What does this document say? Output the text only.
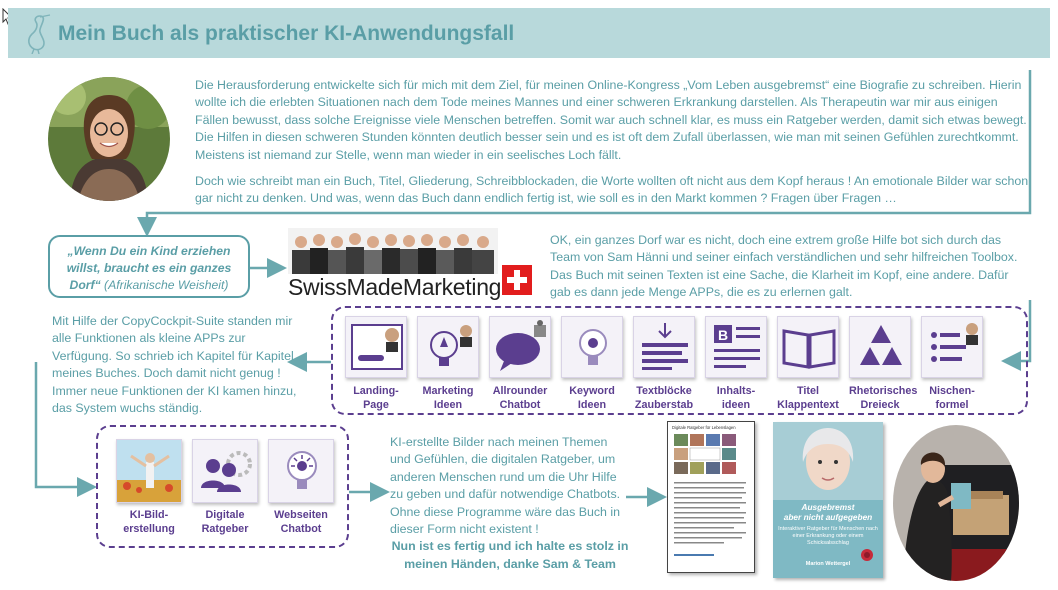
Mein Buch als praktischer KI-Anwendungsfall

Die Herausforderung entwickelte sich für mich mit dem Ziel, für meinen Online-Kongress „Vom Leben ausgebremst“ eine Biografie zu schreiben. Hierin wollte ich die erlebten Situationen nach dem Tode meines Mannes und einer schweren Erkrankung darstellen. Als Therapeutin war mir aus einigen Fällen bewusst, dass solche Ereignisse viele Menschen betreffen. Somit war auch schnell klar, es muss ein Ratgeber werden, damit sich etwas bewegt. Die Hilfen in diesen schweren Stunden könnten deutlich besser sein und es ist oft dem Zufall überlassen, wie man mit seinen Gefühlen zurechtkommt. Meistens ist niemand zur Stelle, wenn man wieder in ein seelisches Loch fällt.

Doch wie schreibt man ein Buch, Titel, Gliederung, Schreibblockaden, die Worte wollten oft nicht aus dem Kopf heraus ! An emotionale Bilder war schon gar nicht zu denken. Und was, wenn das Buch dann endlich fertig ist, wie soll es in den Markt kommen ? Fragen über Fragen …

„Wenn Du ein Kind erziehen willst, braucht es ein ganzes Dorf“ (Afrikanische Weisheit)	SwissMadeMarketing
OK, ein ganzes Dorf war es nicht, doch eine extrem große Hilfe bot sich durch das Team von Sam Hänni und seiner einfach verständlichen und sehr hilfreichen Toolbox. Das Buch mit seinen Texten ist eine Sache, die Klarheit im Kopf, eine andere. Dafür gab es dann jede Menge APPs, die es zu erlernen galt.
Mit Hilfe der CopyCockpit-Suite standen mir alle Funktionen als kleine APPs zur Verfügung. So schrieb ich Kapitel für Kapitel meines Buches. Doch damit nicht genug ! Immer neue Funktionen der KI kamen hinzu, das System wuchs ständig.
Landing-
Page
Marketing
Ideen
Allrounder
Chatbot
Keyword
Ideen
Textblöcke
Zauberstab
B
Inhalts-
ideen
Titel
Klappentext
Rhetorisches
Dreieck
Nischen-
formel
KI-Bild-
erstellung
Digitale
Ratgeber
Webseiten
Chatbot
KI-erstellte Bilder nach meinen Themen und Gefühlen, die digitalen Ratgeber, um anderen Menschen rund um die Uhr Hilfe zu geben und dafür notwendige Chatbots. Ohne diese Programme wäre das Buch in dieser Form nicht existent !
Nun ist es fertig und ich halte es stolz in meinen Händen, danke Sam & Team
Digitale Ratgeber für Lebenslagen
Ausgebremst
aber nicht aufgegeben
Interaktiver Ratgeber für Menschen nach einer Erkrankung oder einem Schicksalsschlag
Marion Wettergel
